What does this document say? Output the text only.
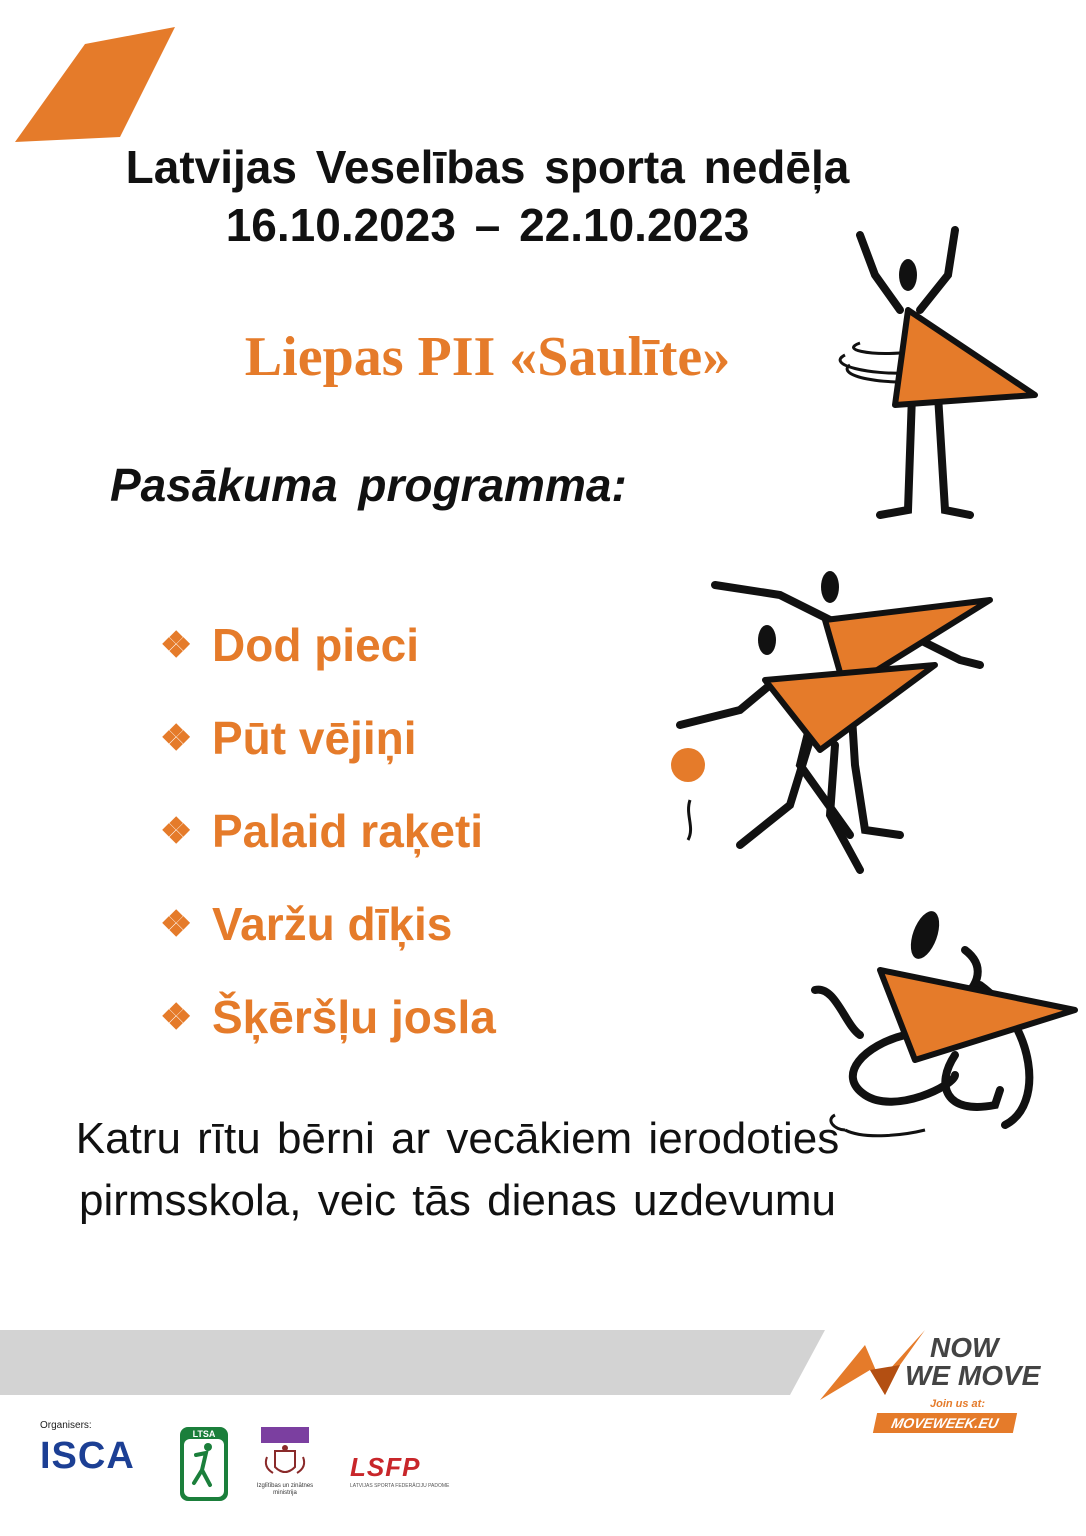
Latvijas Veselības sporta nedēļa
16.10.2023 – 22.10.2023
Liepas PII «Saulīte»
Pasākuma programma:
❖ Dod pieci
❖ Pūt vējiņi
❖ Palaid raķeti
❖ Varžu dīķis
❖ Šķēršļu josla
Katru rītu bērni ar vecākiem ierodoties pirmsskola, veic tās dienas uzdevumu
NOW
WE MOVE
Join us at:
MOVEWEEK.EU
Organisers:
ISCA
LTSA
Izglītības un zinātnes ministrija
LSFP
LATVIJAS SPORTA FEDERĀCIJU PADOME
